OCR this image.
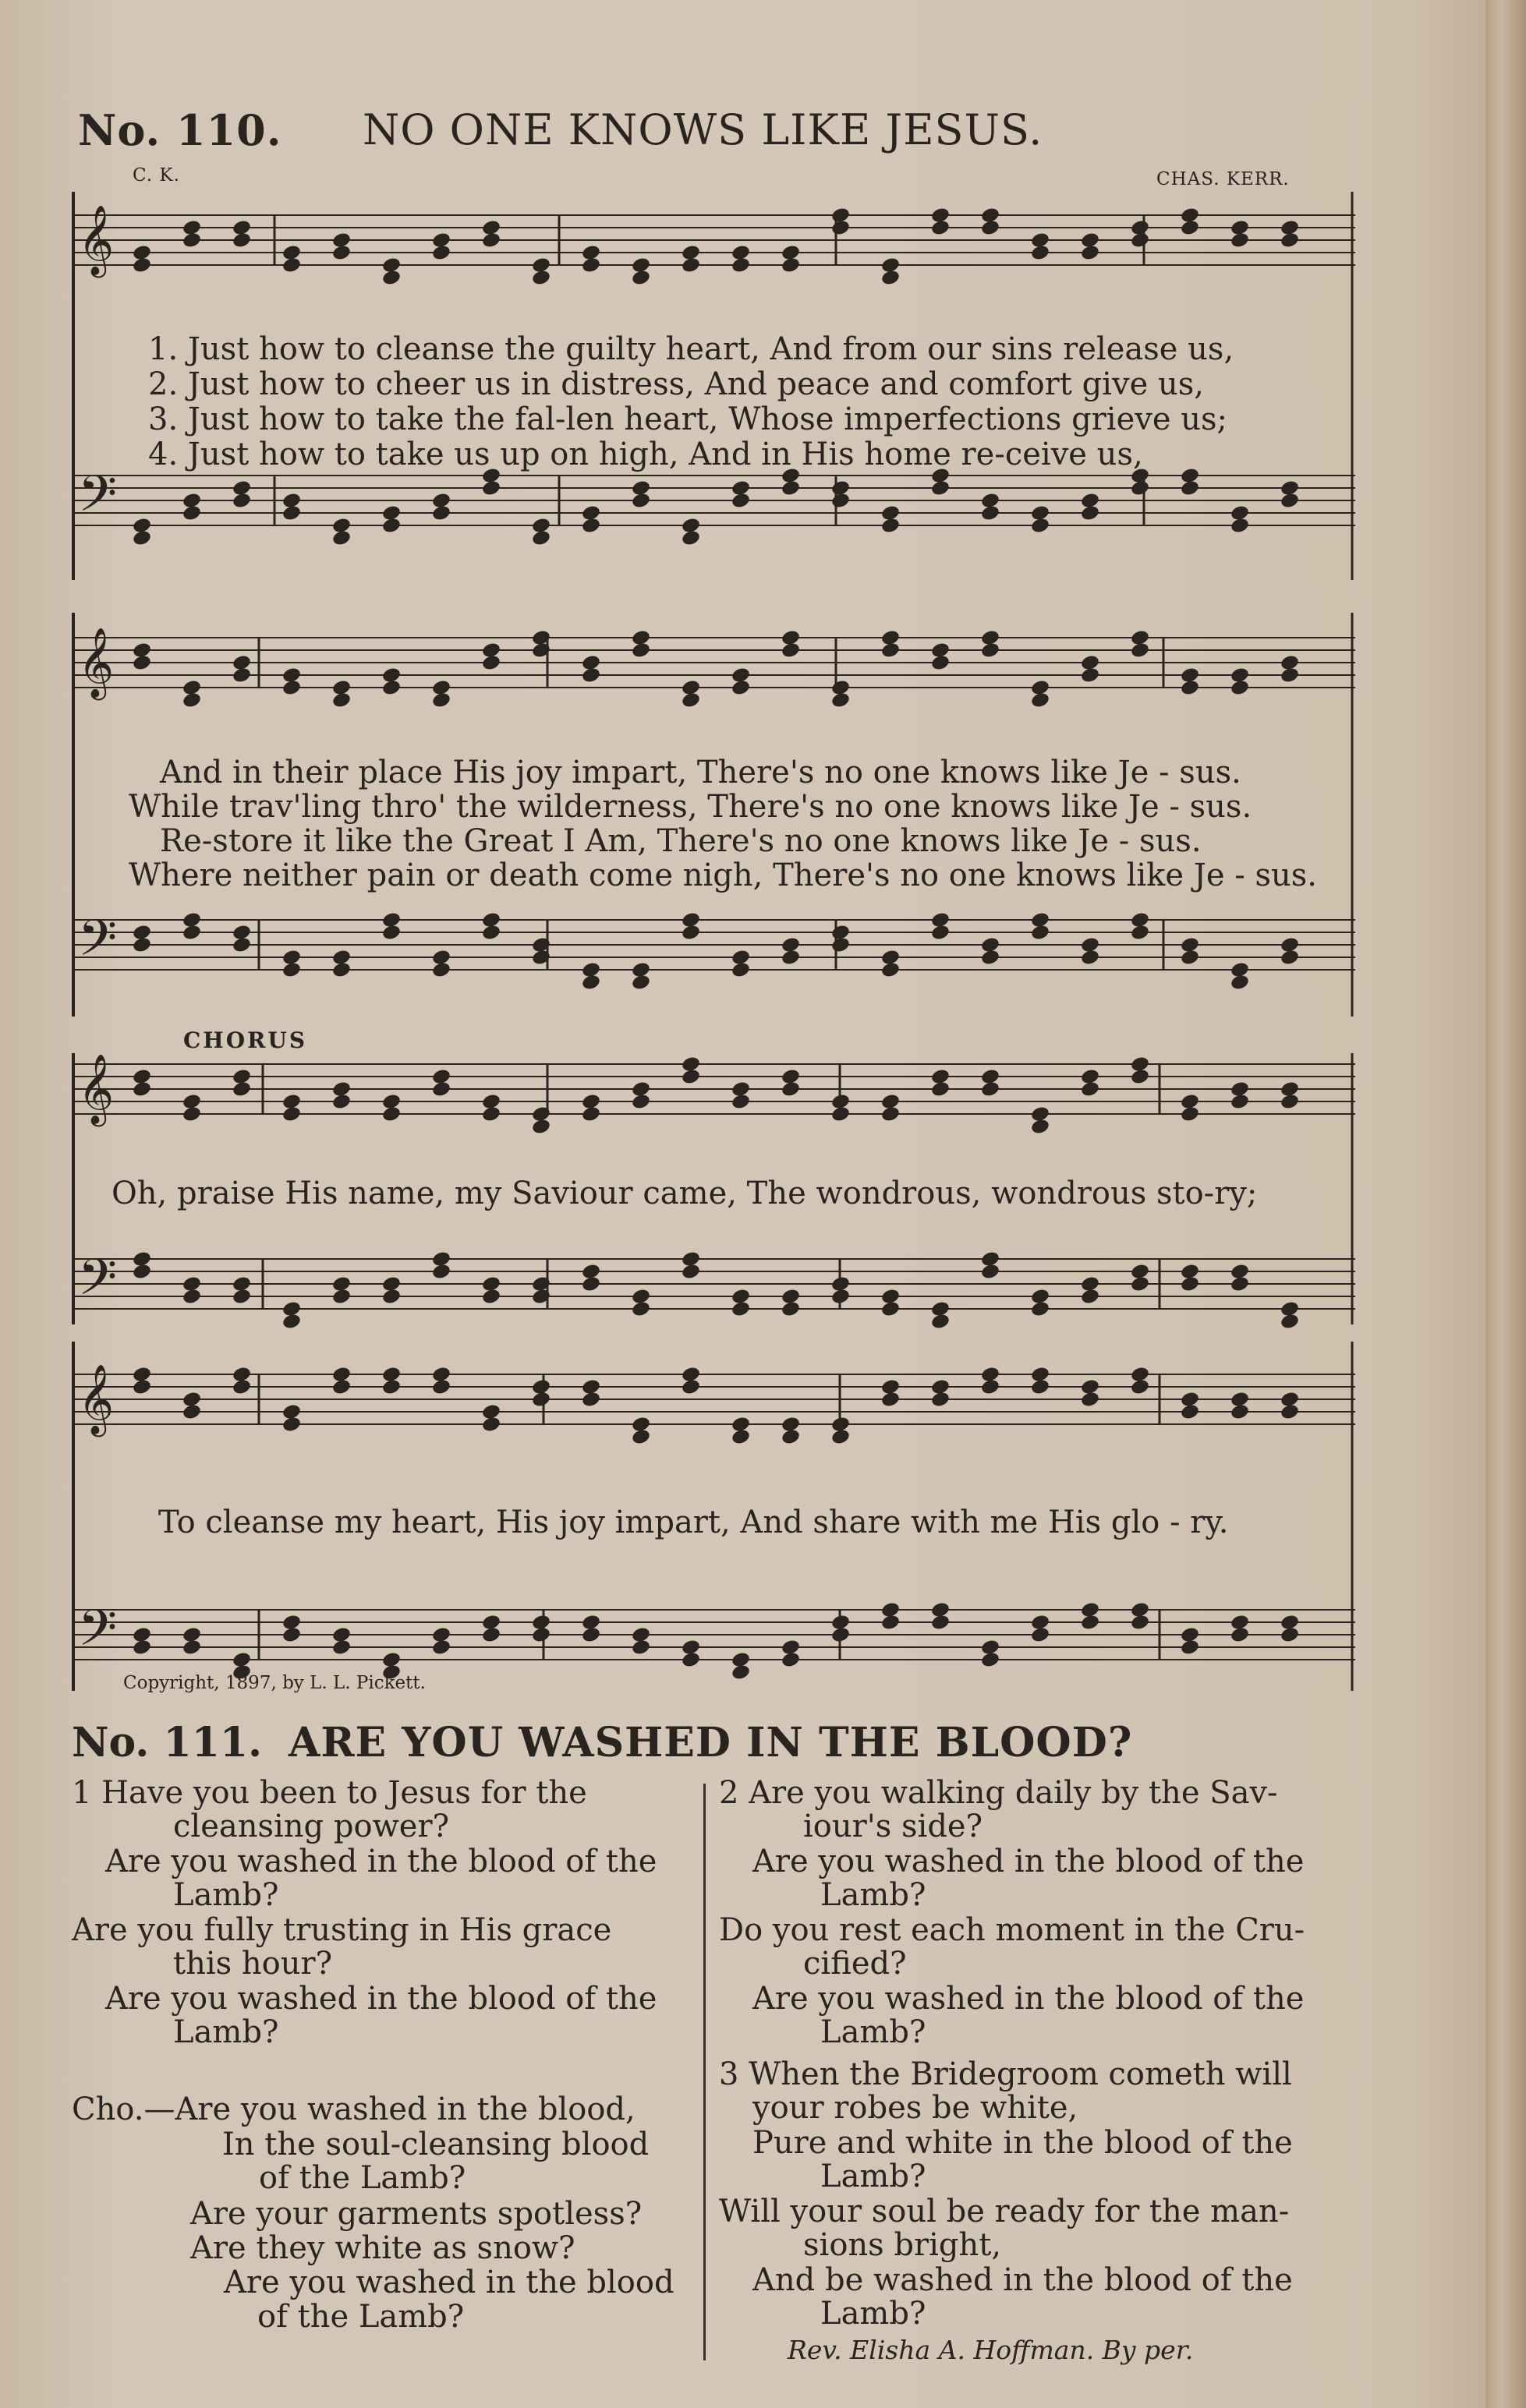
No. 110. NO ONE KNOWS LIKE JESUS.
C. K.	CHAS. KERR.
𝄞
𝄢
1. Just how to cleanse the guilty heart, And from our sins release us,
2. Just how to cheer us in distress, And peace and comfort give us,
3. Just how to take the fal-len heart, Whose imperfections grieve us;
4. Just how to take us up on high, And in His home re-ceive us,
𝄞
𝄢
And in their place His joy impart, There's no one knows like Je - sus.
While trav'ling thro' the wilderness, There's no one knows like Je - sus.
Re-store it like the Great I Am, There's no one knows like Je - sus.
Where neither pain or death come nigh, There's no one knows like Je - sus.
CHORUS
𝄞
𝄢
Oh, praise His name, my Saviour came, The wondrous, wondrous sto-ry;
𝄞
𝄢
To cleanse my heart, His joy impart, And share with me His glo - ry.
Copyright, 1897, by L. L. Pickett.
No. 111. ARE YOU WASHED IN THE BLOOD?
1 Have you been to Jesus for the
cleansing power?
Are you washed in the blood of the
Lamb?
Are you fully trusting in His grace
this hour?
Are you washed in the blood of the
Lamb?
Cho.—Are you washed in the blood,
In the soul-cleansing blood
of the Lamb?
Are your garments spotless?
Are they white as snow?
Are you washed in the blood
of the Lamb?
2 Are you walking daily by the Sav-
iour's side?
Are you washed in the blood of the
Lamb?
Do you rest each moment in the Cru-
cified?
Are you washed in the blood of the
Lamb?
3 When the Bridegroom cometh will
your robes be white,
Pure and white in the blood of the
Lamb?
Will your soul be ready for the man-
sions bright,
And be washed in the blood of the
Lamb?
Rev. Elisha A. Hoffman. By per.
